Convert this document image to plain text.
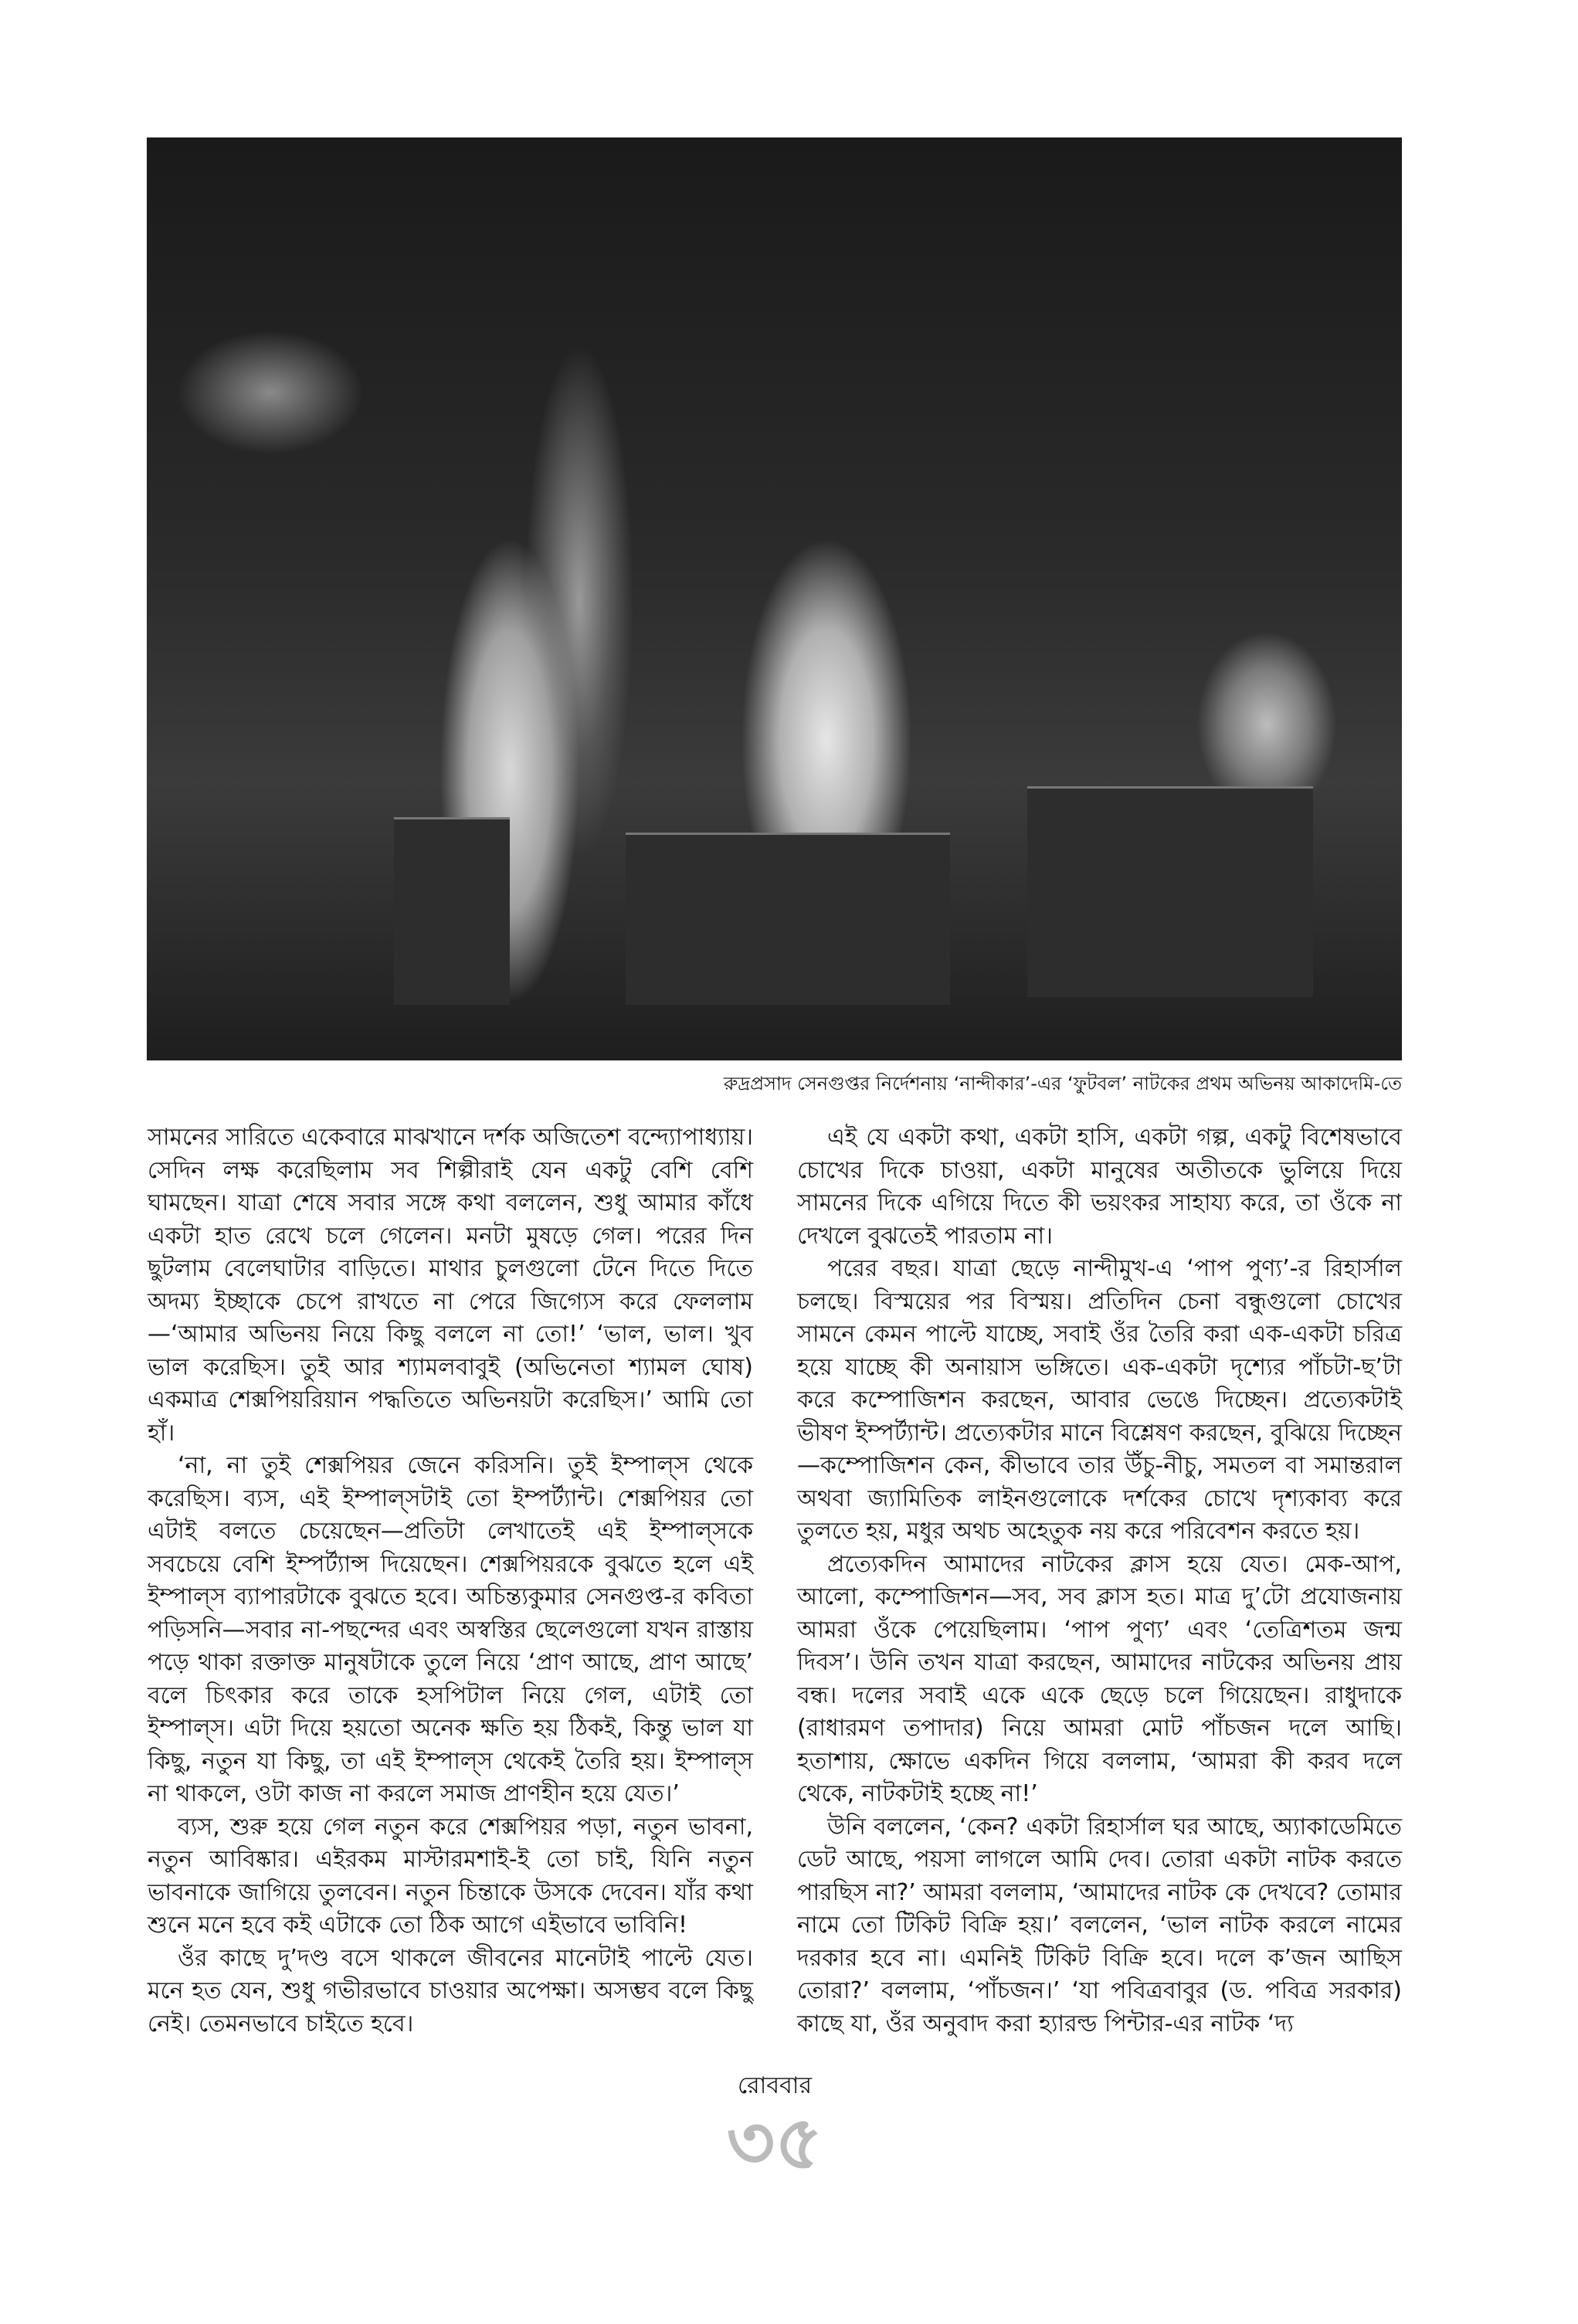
রুদ্রপ্রসাদ সেনগুপ্তর নির্দেশনায় ‘নান্দীকার’-এর ‘ফুটবল’ নাটকের প্রথম অভিনয় আকাদেমি-তে

সামনের সারিতে একেবারে মাঝখানে দর্শক অজিতেশ বন্দ্যোপাধ্যায়। সেদিন লক্ষ করেছিলাম সব শিল্পীরাই যেন একটু বেশি বেশি ঘামছেন। যাত্রা শেষে সবার সঙ্গে কথা বললেন, শুধু আমার কাঁধে একটা হাত রেখে চলে গেলেন। মনটা মুষড়ে গেল। পরের দিন ছুটলাম বেলেঘাটার বাড়িতে। মাথার চুলগুলো টেনে দিতে দিতে অদম্য ইচ্ছাকে চেপে রাখতে না পেরে জিগ্যেস করে ফেললাম—‘আমার অভিনয় নিয়ে কিছু বললে না তো!’ ‘ভাল, ভাল। খুব ভাল করেছিস। তুই আর শ্যামলবাবুই (অভিনেতা শ্যামল ঘোষ) একমাত্র শেক্সপিয়রিয়ান পদ্ধতিতে অভিনয়টা করেছিস।’ আমি তো হাঁ।

‘না, না তুই শেক্সপিয়র জেনে করিসনি। তুই ইম্পাল্‌স থেকে করেছিস। ব্যস, এই ইম্পাল্‌সটাই তো ইম্পর্ট্যান্ট। শেক্সপিয়র তো এটাই বলতে চেয়েছেন—প্রতিটা লেখাতেই এই ইম্পাল্‌সকে সবচেয়ে বেশি ইম্পর্ট্যান্স দিয়েছেন। শেক্সপিয়রকে বুঝতে হলে এই ইম্পাল্‌স ব্যাপারটাকে বুঝতে হবে। অচিন্ত্যকুমার সেনগুপ্ত-র কবিতা পড়িসনি—সবার না-পছন্দের এবং অস্বস্তির ছেলেগুলো যখন রাস্তায় পড়ে থাকা রক্তাক্ত মানুষটাকে তুলে নিয়ে ‘প্রাণ আছে, প্রাণ আছে’ বলে চিৎকার করে তাকে হসপিটাল নিয়ে গেল, এটাই তো ইম্পাল্‌স। এটা দিয়ে হয়তো অনেক ক্ষতি হয় ঠিকই, কিন্তু ভাল যা কিছু, নতুন যা কিছু, তা এই ইম্পাল্‌স থেকেই তৈরি হয়। ইম্পাল্‌স না থাকলে, ওটা কাজ না করলে সমাজ প্রাণহীন হয়ে যেত।’

ব্যস, শুরু হয়ে গেল নতুন করে শেক্সপিয়র পড়া, নতুন ভাবনা, নতুন আবিষ্কার। এইরকম মাস্টারমশাই-ই তো চাই, যিনি নতুন ভাবনাকে জাগিয়ে তুলবেন। নতুন চিন্তাকে উসকে দেবেন। যাঁর কথা শুনে মনে হবে কই এটাকে তো ঠিক আগে এইভাবে ভাবিনি!

ওঁর কাছে দু’দণ্ড বসে থাকলে জীবনের মানেটাই পাল্টে যেত। মনে হত যেন, শুধু গভীরভাবে চাওয়ার অপেক্ষা। অসম্ভব বলে কিছু নেই। তেমনভাবে চাইতে হবে।

এই যে একটা কথা, একটা হাসি, একটা গল্প, একটু বিশেষভাবে চোখের দিকে চাওয়া, একটা মানুষের অতীতকে ভুলিয়ে দিয়ে সামনের দিকে এগিয়ে দিতে কী ভয়ংকর সাহায্য করে, তা ওঁকে না দেখলে বুঝতেই পারতাম না।

পরের বছর। যাত্রা ছেড়ে নান্দীমুখ-এ ‘পাপ পুণ্য’-র রিহার্সাল চলছে। বিস্ময়ের পর বিস্ময়। প্রতিদিন চেনা বন্ধুগুলো চোখের সামনে কেমন পাল্টে যাচ্ছে, সবাই ওঁর তৈরি করা এক-একটা চরিত্র হয়ে যাচ্ছে কী অনায়াস ভঙ্গিতে। এক-একটা দৃশ্যের পাঁচটা-ছ’টা করে কম্পোজিশন করছেন, আবার ভেঙে দিচ্ছেন। প্রত্যেকটাই ভীষণ ইম্পর্ট্যান্ট। প্রত্যেকটার মানে বিশ্লেষণ করছেন, বুঝিয়ে দিচ্ছেন—কম্পোজিশন কেন, কীভাবে তার উঁচু-নীচু, সমতল বা সমান্তরাল অথবা জ্যামিতিক লাইনগুলোকে দর্শকের চোখে দৃশ্যকাব্য করে তুলতে হয়, মধুর অথচ অহেতুক নয় করে পরিবেশন করতে হয়।

প্রত্যেকদিন আমাদের নাটকের ক্লাস হয়ে যেত। মেক-আপ, আলো, কম্পোজিশন—সব, সব ক্লাস হত। মাত্র দু’টো প্রযোজনায় আমরা ওঁকে পেয়েছিলাম। ‘পাপ পুণ্য’ এবং ‘তেত্রিশতম জন্ম দিবস’। উনি তখন যাত্রা করছেন, আমাদের নাটকের অভিনয় প্রায় বন্ধ। দলের সবাই একে একে ছেড়ে চলে গিয়েছেন। রাধুদাকে (রাধারমণ তপাদার) নিয়ে আমরা মোট পাঁচজন দলে আছি। হতাশায়, ক্ষোভে একদিন গিয়ে বললাম, ‘আমরা কী করব দলে থেকে, নাটকটাই হচ্ছে না!’

উনি বললেন, ‘কেন? একটা রিহার্সাল ঘর আছে, অ্যাকাডেমিতে ডেট আছে, পয়সা লাগলে আমি দেব। তোরা একটা নাটক করতে পারছিস না?’ আমরা বললাম, ‘আমাদের নাটক কে দেখবে? তোমার নামে তো টিকিট বিক্রি হয়।’ বললেন, ‘ভাল নাটক করলে নামের দরকার হবে না। এমনিই টিকিট বিক্রি হবে। দলে ক’জন আছিস তোরা?’ বললাম, ‘পাঁচজন।’ ‘যা পবিত্রবাবুর (ড. পবিত্র সরকার) কাছে যা, ওঁর অনুবাদ করা হ্যারল্ড পিন্টার-এর নাটক ‘দ্য

রোববার
৩৫
